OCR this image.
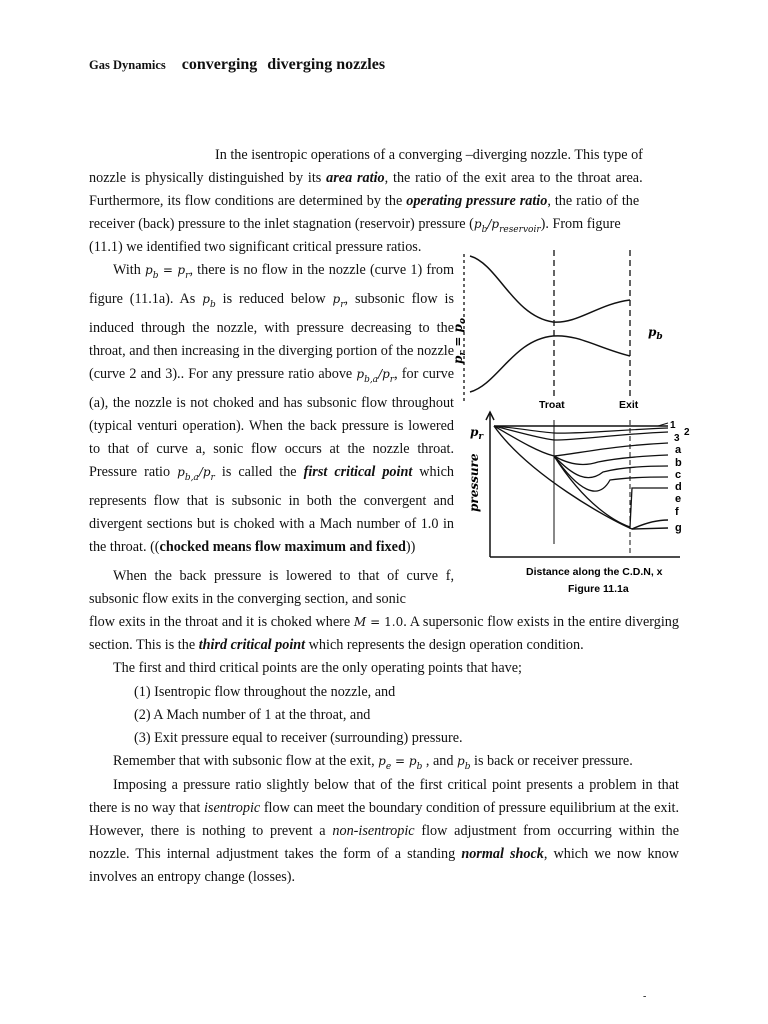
Gas Dynamics converging diverging nozzles
In the isentropic operations of a converging –diverging nozzle. This type of
nozzle is physically distinguished by its area ratio, the ratio of the exit area to the throat area.
Furthermore, its flow conditions are determined by the operating pressure ratio, the ratio of the
receiver (back) pressure to the inlet stagnation (reservoir) pressure $(p_b/p_{reservoir})$. From figure
(11.1) we identified two significant critical pressure ratios.
With $p_b = p_r$, there is no flow in the nozzle (curve 1) from figure (11.1a). As $p_b$ is reduced below $p_r$, subsonic flow is induced through the nozzle, with pressure decreasing to the throat, and then increasing in the diverging portion of the nozzle (curve 2 and 3).. For any pressure ratio above $p_{b,a}/p_r$, for curve (a), the nozzle is not choked and has subsonic flow throughout (typical venturi operation). When the back pressure is lowered to that of curve a, sonic flow occurs at the nozzle throat. Pressure ratio $p_{b,a}/p_r$ is called the first critical point which represents flow that is subsonic in both the convergent and divergent sections but is choked with a Mach number of 1.0 in the throat. ((chocked means flow maximum and fixed))
When the back pressure is lowered to that of curve f, subsonic flow exits in the converging section, and sonic
flow exits in the throat and it is choked where M = 1.0. A supersonic flow exists in the entire diverging section. This is the third critical point which represents the design operation condition.
The first and third critical points are the only operating points that have;
(1) Isentropic flow throughout the nozzle, and
(2) A Mach number of 1 at the throat, and
(3) Exit pressure equal to receiver (surrounding) pressure.
Remember that with subsonic flow at the exit, $p_e = p_b$ , and $p_b$ is back or receiver pressure.
Imposing a pressure ratio slightly below that of the first critical point presents a problem in that there is no way that isentropic flow can meet the boundary condition of pressure equilibrium at the exit. However, there is nothing to prevent a non-isentropic flow adjustment from occurring within the nozzle. This internal adjustment takes the form of a standing normal shock, which we now know involves an entropy change (losses).
$p_r = p_o$
$p_b$
Troat	Exit
$p_r$
pressure
1
2
3
a
b
c
d
e
f
g
Distance along the C.D.N, x
Figure 11.1a
-
